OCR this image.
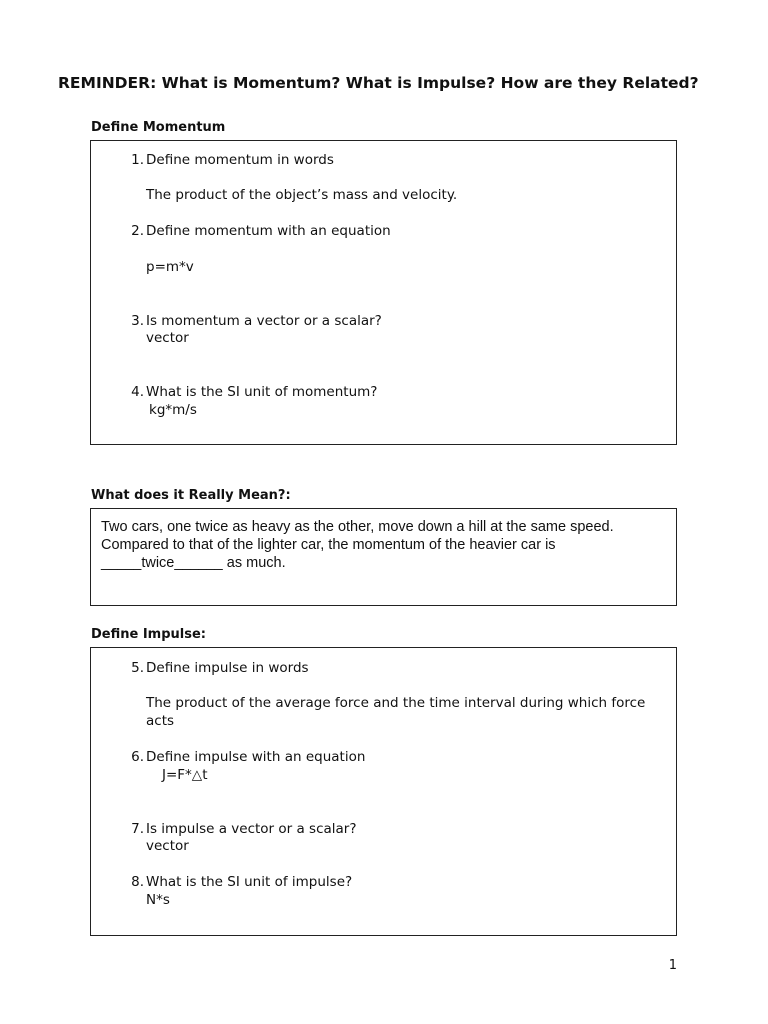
REMINDER: What is Momentum? What is Impulse? How are they Related?
Define Momentum
1. Define momentum in words
The product of the object’s mass and velocity.
2. Define momentum with an equation
p=m*v
3. Is momentum a vector or a scalar?
vector
4. What is the SI unit of momentum?
kg*m/s
What does it Really Mean?:
Two cars, one twice as heavy as the other, move down a hill at the same speed. Compared to that of the lighter car, the momentum of the heavier car is _____twice______ as much.
Define Impulse:
5. Define impulse in words
The product of the average force and the time interval during which force
acts
6. Define impulse with an equation
J=F*△t
7. Is impulse a vector or a scalar?
vector
8. What is the SI unit of impulse?
N*s
1
